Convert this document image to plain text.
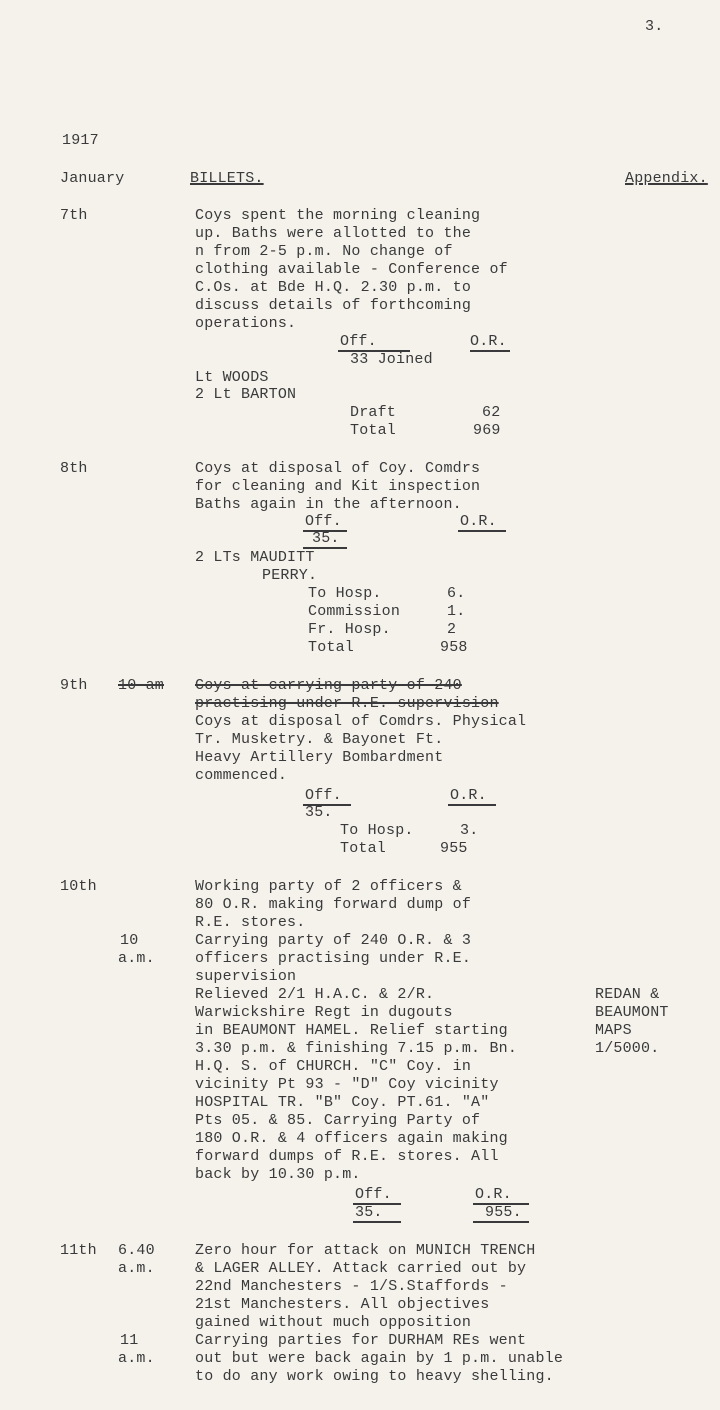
3.
1917
January	BILLETS.	Appendix.
7th	Coys spent the morning cleaning
up. Baths were allotted to the
n from 2-5 p.m. No change of
clothing available - Conference of
C.Os. at Bde H.Q. 2.30 p.m. to
discuss details of forthcoming
operations.
Off.	O.R.
33 Joined
Lt WOODS
2 Lt BARTON
Draft	62
Total	969
8th	Coys at disposal of Coy. Comdrs
for cleaning and Kit inspection
Baths again in the afternoon.
Off.	O.R.
35.
2 LTs MAUDITT
PERRY.
To Hosp.	6.
Commission	1.
Fr. Hosp.	2
Total	958
9th 10-am Coys at carrying party of 240
practising under R.E. supervision
Coys at disposal of Comdrs. Physical
Tr. Musketry. & Bayonet Ft.
Heavy Artillery Bombardment
commenced.
Off.	O.R.
35.
To Hosp.	3.
Total	955
10th	Working party of 2 officers &
80 O.R. making forward dump of
R.E. stores.
10
a.m.
Carrying party of 240 O.R. & 3
officers practising under R.E.
supervision
Relieved 2/1 H.A.C. & 2/R.
Warwickshire Regt in dugouts
in BEAUMONT HAMEL. Relief starting
3.30 p.m. & finishing 7.15 p.m. Bn.
H.Q. S. of CHURCH. "C" Coy. in
vicinity Pt 93 - "D" Coy vicinity
HOSPITAL TR. "B" Coy. PT.61. "A"
Pts 05. & 85. Carrying Party of
180 O.R. & 4 officers again making
forward dumps of R.E. stores. All
back by 10.30 p.m.
REDAN &
BEAUMONT
MAPS
1/5000.
Off.	O.R.
35.	955.
11th 6.40
a.m.
Zero hour for attack on MUNICH TRENCH
& LAGER ALLEY. Attack carried out by
22nd Manchesters - 1/S.Staffords -
21st Manchesters. All objectives
gained without much opposition
11
a.m.
Carrying parties for DURHAM REs went
out but were back again by 1 p.m. unable
to do any work owing to heavy shelling.
